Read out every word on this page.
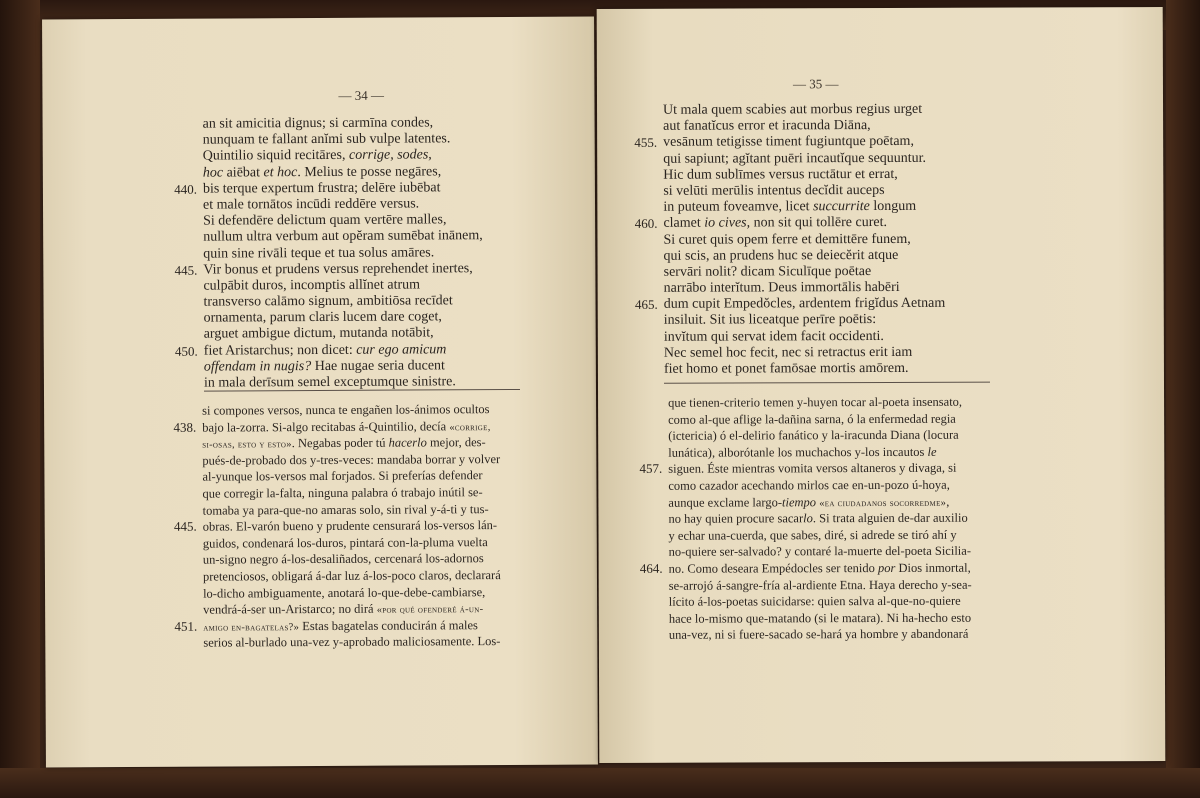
— 34 —
an sit amicitia dignus; si carmīna condes,
nunquam te fallant anĭmi sub vulpe latentes.
Quintilio siquid recitāres, corrige, sodes,
hoc aiēbat et hoc. Melius te posse negāres,
440. bis terque expertum frustra; delēre iubēbat
et male tornātos incūdi reddēre versus.
Si defendēre delictum quam vertēre malles,
nullum ultra verbum aut opĕram sumēbat inānem,
quin sine rivāli teque et tua solus amāres.
445. Vir bonus et prudens versus reprehendet inertes,
culpābit duros, incomptis allĭnet atrum
transverso calāmo signum, ambitiōsa recīdet
ornamenta, parum claris lucem dare coget,
arguet ambigue dictum, mutanda notābit,
450. fiet Aristarchus; non dicet: cur ego amicum
offendam in nugis? Hae nugae seria ducent
in mala derīsum semel exceptumque sinistre.
si compones versos, nunca te engañen los-ánimos ocultos
438. bajo la-zorra. Si-algo recitabas á-Quintilio, decía «corrige,
si-osas, esto y esto». Negabas poder tú hacerlo mejor, des-
pués-de-probado dos y-tres-veces: mandaba borrar y volver
al-yunque los-versos mal forjados. Si preferías defender
que corregir la-falta, ninguna palabra ó trabajo inútil se-
tomaba ya para-que-no amaras solo, sin rival y-á-ti y tus-
445. obras. El-varón bueno y prudente censurará los-versos lán-
guidos, condenará los-duros, pintará con-la-pluma vuelta
un-signo negro á-los-desaliñados, cercenará los-adornos
pretenciosos, obligará á-dar luz á-los-poco claros, declarará
lo-dicho ambiguamente, anotará lo-que-debe-cambiarse,
vendrá-á-ser un-Aristarco; no dirá «por qué ofenderé á-un-
451. amigo en-bagatelas?» Estas bagatelas conducirán á males
serios al-burlado una-vez y-aprobado maliciosamente. Los-
— 35 —
Ut mala quem scabies aut morbus regius urget
aut fanatĭcus error et iracunda Diāna,
455. vesānum tetigisse timent fugiuntque poētam,
qui sapiunt; agĭtant puēri incautĭque sequuntur.
Hic dum sublīmes versus ructātur et errat,
si velūti merūlis intentus decĭdit auceps
in puteum foveamve, licet succurrite longum
460. clamet io cives, non sit qui tollēre curet.
Si curet quis opem ferre et demittēre funem,
qui scis, an prudens huc se deiecĕrit atque
servāri nolit? dicam Siculīque poētae
narrābo interĭtum. Deus immortālis habēri
465. dum cupit Empedŏcles, ardentem frigĭdus Aetnam
insiluit. Sit ius liceatque perīre poētis:
invĭtum qui servat idem facit occidenti.
Nec semel hoc fecit, nec si retractus erit iam
fiet homo et ponet famōsae mortis amōrem.
que tienen-criterio temen y-huyen tocar al-poeta insensato,
como al-que aflige la-dañina sarna, ó la enfermedad regia
(ictericia) ó el-delirio fanático y la-iracunda Diana (locura
lunática), alborótanle los muchachos y-los incautos le
457. siguen. Éste mientras vomita versos altaneros y divaga, si
como cazador acechando mirlos cae en-un-pozo ú-hoya,
aunque exclame largo-tiempo «ea ciudadanos socorredme»,
no hay quien procure sacarlo. Si trata alguien de-dar auxilio
y echar una-cuerda, que sabes, diré, si adrede se tiró ahí y
no-quiere ser-salvado? y contaré la-muerte del-poeta Sicilia-
464. no. Como deseara Empédocles ser tenido por Dios inmortal,
se-arrojó á-sangre-fría al-ardiente Etna. Haya derecho y-sea-
lícito á-los-poetas suicidarse: quien salva al-que-no-quiere
hace lo-mismo que-matando (si le matara). Ni ha-hecho esto
una-vez, ni si fuere-sacado se-hará ya hombre y abandonará
